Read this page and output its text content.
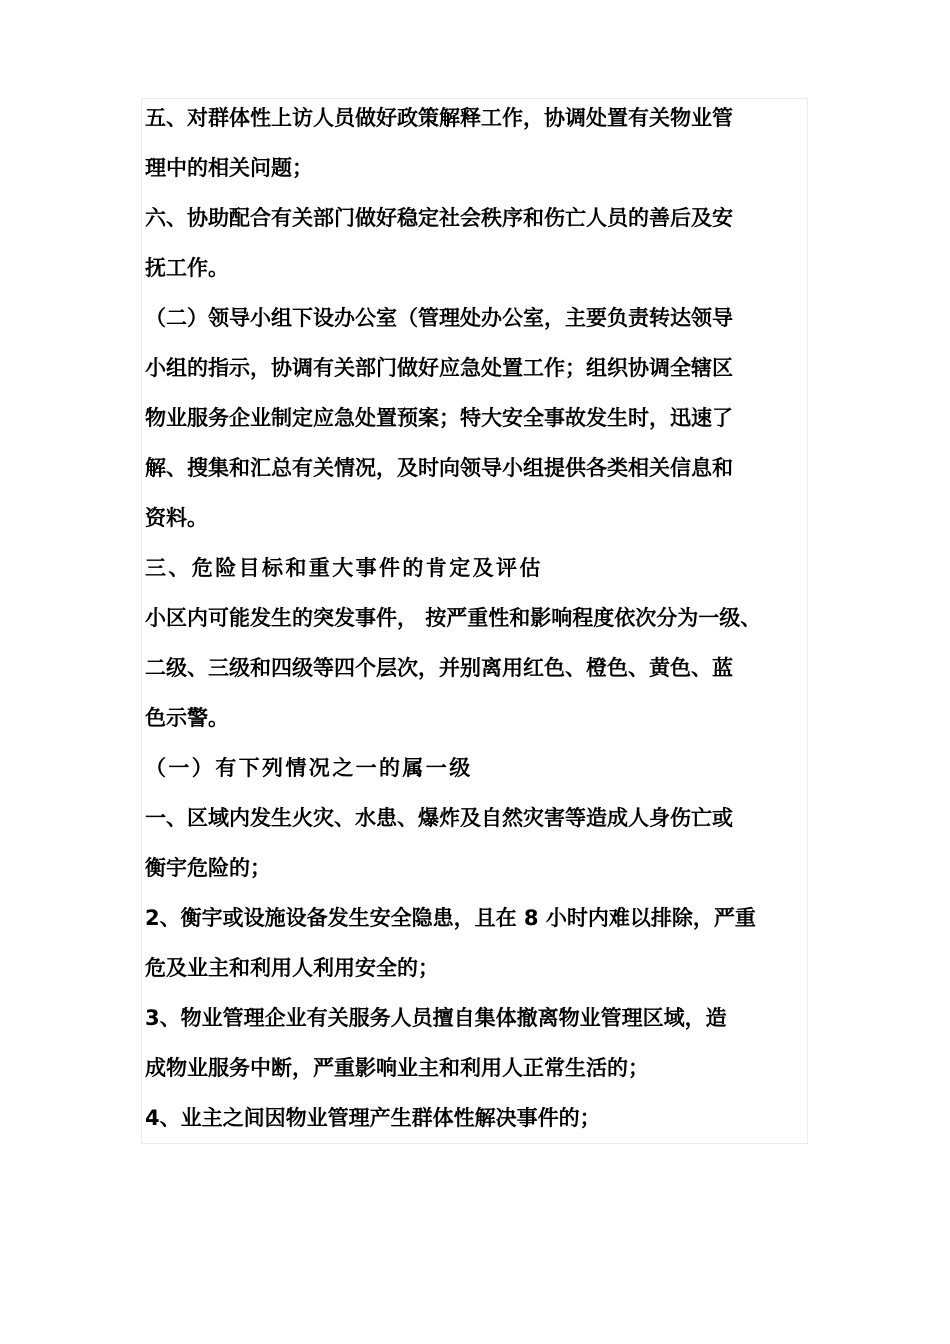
五、对群体性上访人员做好政策解释工作，协调处置有关物业管
理中的相关问题；
六、协助配合有关部门做好稳定社会秩序和伤亡人员的善后及安
抚工作。
（二）领导小组下设办公室（管理处办公室，主要负责转达领导
小组的指示，协调有关部门做好应急处置工作；组织协调全辖区
物业服务企业制定应急处置预案；特大安全事故发生时，迅速了
解、搜集和汇总有关情况，及时向领导小组提供各类相关信息和
资料。
三、危险目标和重大事件的肯定及评估
小区内可能发生的突发事件， 按严重性和影响程度依次分为一级、
二级、三级和四级等四个层次，并别离用红色、橙色、黄色、蓝
色示警。
（一）有下列情况之一的属一级
一、区域内发生火灾、水患、爆炸及自然灾害等造成人身伤亡或
衡宇危险的；
2、衡宇或设施设备发生安全隐患，且在 8 小时内难以排除，严重
危及业主和利用人利用安全的；
3、物业管理企业有关服务人员擅自集体撤离物业管理区域，造
成物业服务中断，严重影响业主和利用人正常生活的；
4、业主之间因物业管理产生群体性解决事件的；
